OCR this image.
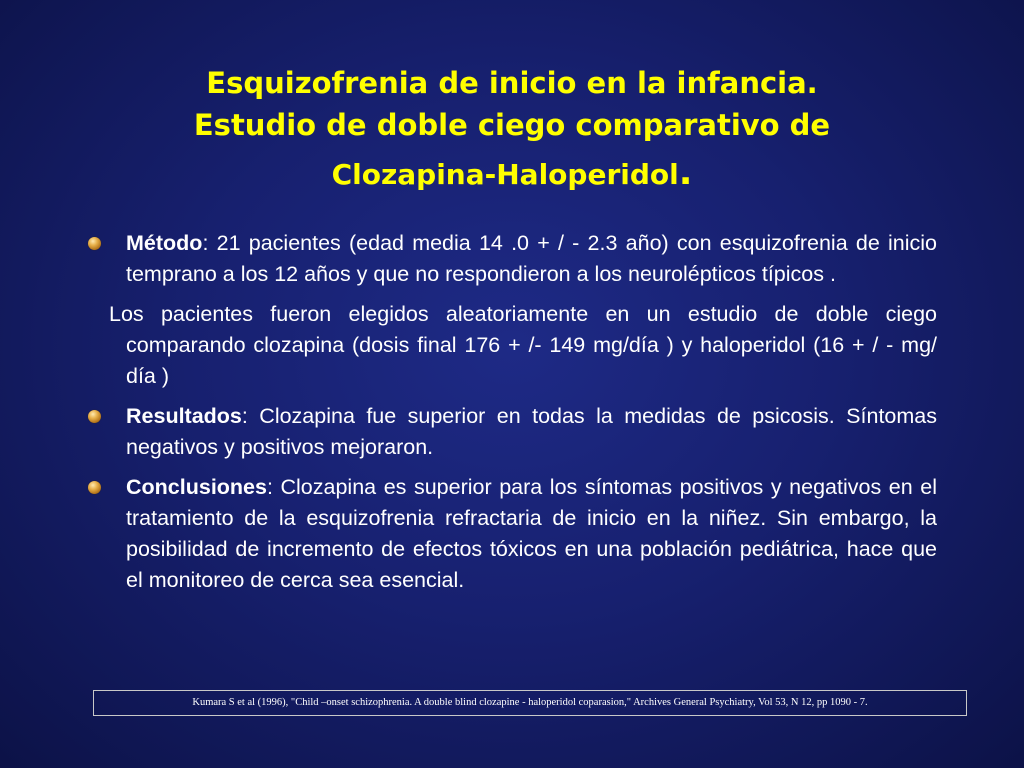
Esquizofrenia de inicio en la infancia.
Estudio de doble ciego comparativo de
Clozapina-Haloperidol.
Método: 21 pacientes (edad media 14 .0 + / - 2.3 año) con esquizofrenia de inicio temprano a los 12 años y que no respondieron a los neurolépticos típicos .
Los pacientes fueron elegidos aleatoriamente en un estudio de doble ciego comparando clozapina (dosis final 176 + /- 149 mg/día ) y haloperidol (16 + / - mg/ día )
Resultados: Clozapina fue superior en todas la medidas de psicosis. Síntomas negativos y positivos mejoraron.
Conclusiones: Clozapina es superior para los síntomas positivos y negativos en el tratamiento de la esquizofrenia refractaria de inicio en la niñez. Sin embargo, la posibilidad de incremento de efectos tóxicos en una población pediátrica, hace que el monitoreo de cerca sea esencial.
Kumara S et al (1996), "Child –onset schizophrenia. A double blind clozapine - haloperidol coparasion," Archives General Psychiatry, Vol 53, N 12, pp 1090 - 7.
